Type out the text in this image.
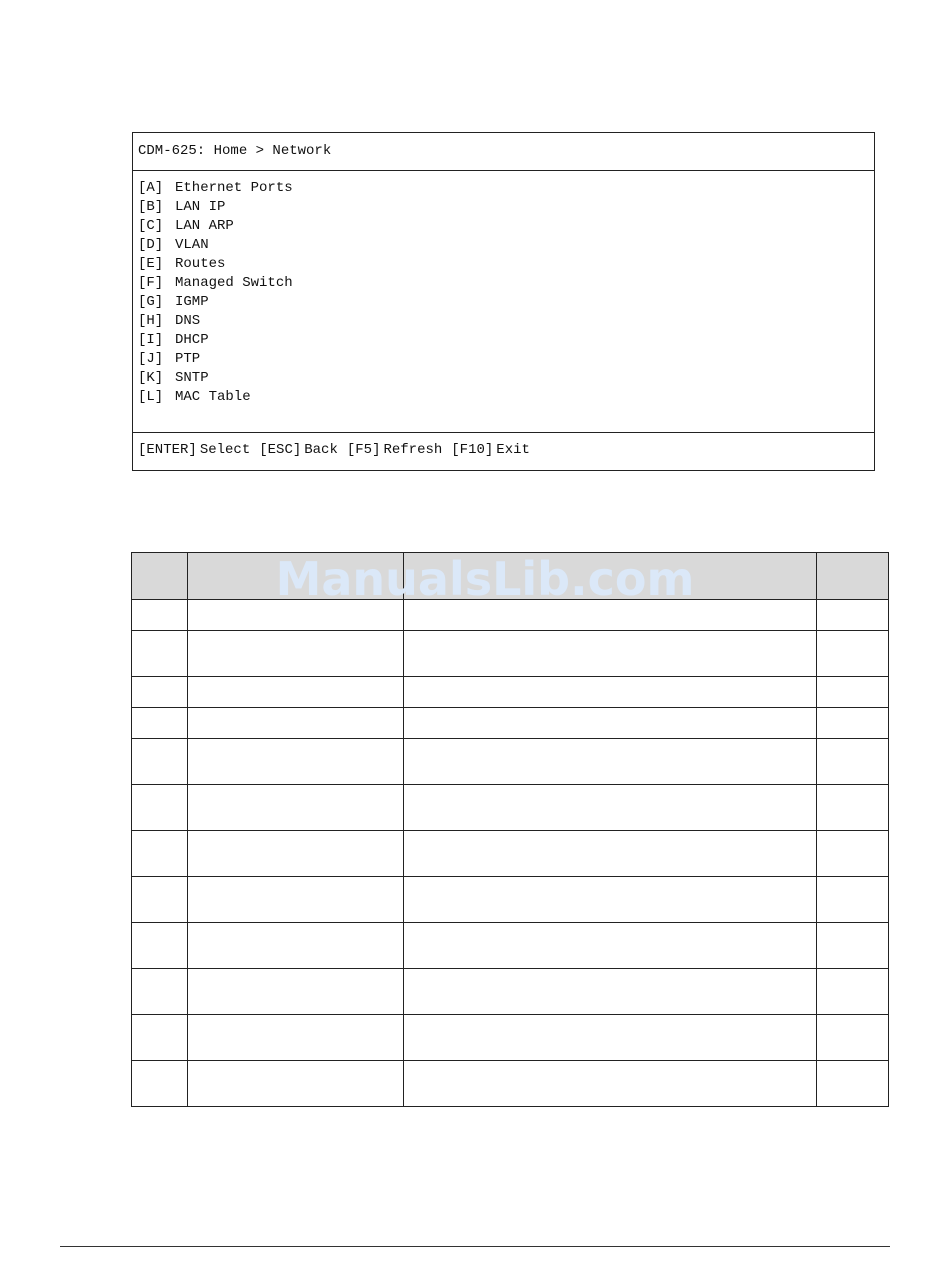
CDM-625: Home > Network
[A] Ethernet Ports
[B] LAN IP
[C] LAN ARP
[D] VLAN
[E] Routes
[F] Managed Switch
[G] IGMP
[H] DNS
[I] DHCP
[J] PTP
[K] SNTP
[L] MAC Table
[ENTER] Select [ESC] Back [F5] Refresh [F10] Exit

ManualsLib.com
